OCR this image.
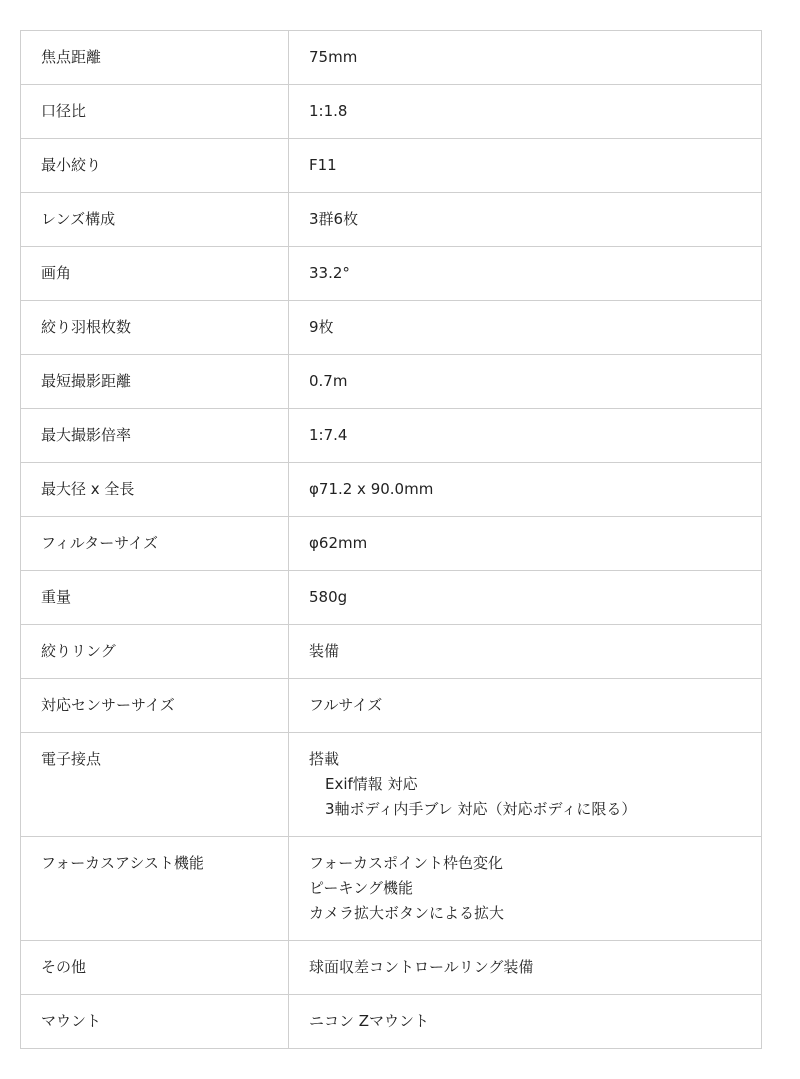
焦点距離	75mm

口径比	1:1.8

最小絞り	F11

レンズ構成	3群6枚

画角	33.2°

絞り羽根枚数	9枚

最短撮影距離	0.7m

最大撮影倍率	1:7.4

最大径 x 全長	φ71.2 x 90.0mm

フィルターサイズ	φ62mm

重量	580g

絞りリング	装備

対応センサーサイズ	フルサイズ

電子接点	搭載
Exif情報 対応
3軸ボディ内手ブレ 対応（対応ボディに限る）

フォーカスアシスト機能	フォーカスポイント枠色変化
ピーキング機能
カメラ拡大ボタンによる拡大

その他	球面収差コントロールリング装備

マウント	ニコン Zマウント
